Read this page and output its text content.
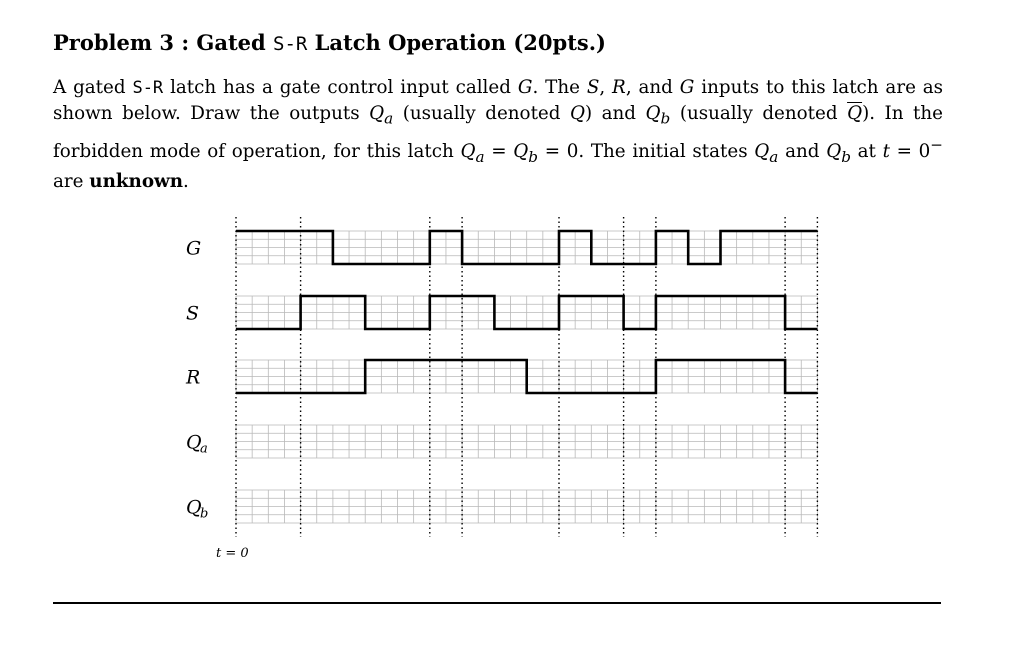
Problem 3 : Gated S-R Latch Operation (20pts.)
A gated S-R latch has a gate control input called G. The S, R, and G inputs to this latch are as shown below. Draw the outputs $Q_a$ (usually denoted Q) and $Q_b$ (usually denoted $\overline{Q}$). In the forbidden mode of operation, for this latch $Q_a = Q_b = 0$. The initial states $Q_a$ and $Q_b$ at t = 0− are unknown.
G
S
R
Q
a
Q
b
t = 0
